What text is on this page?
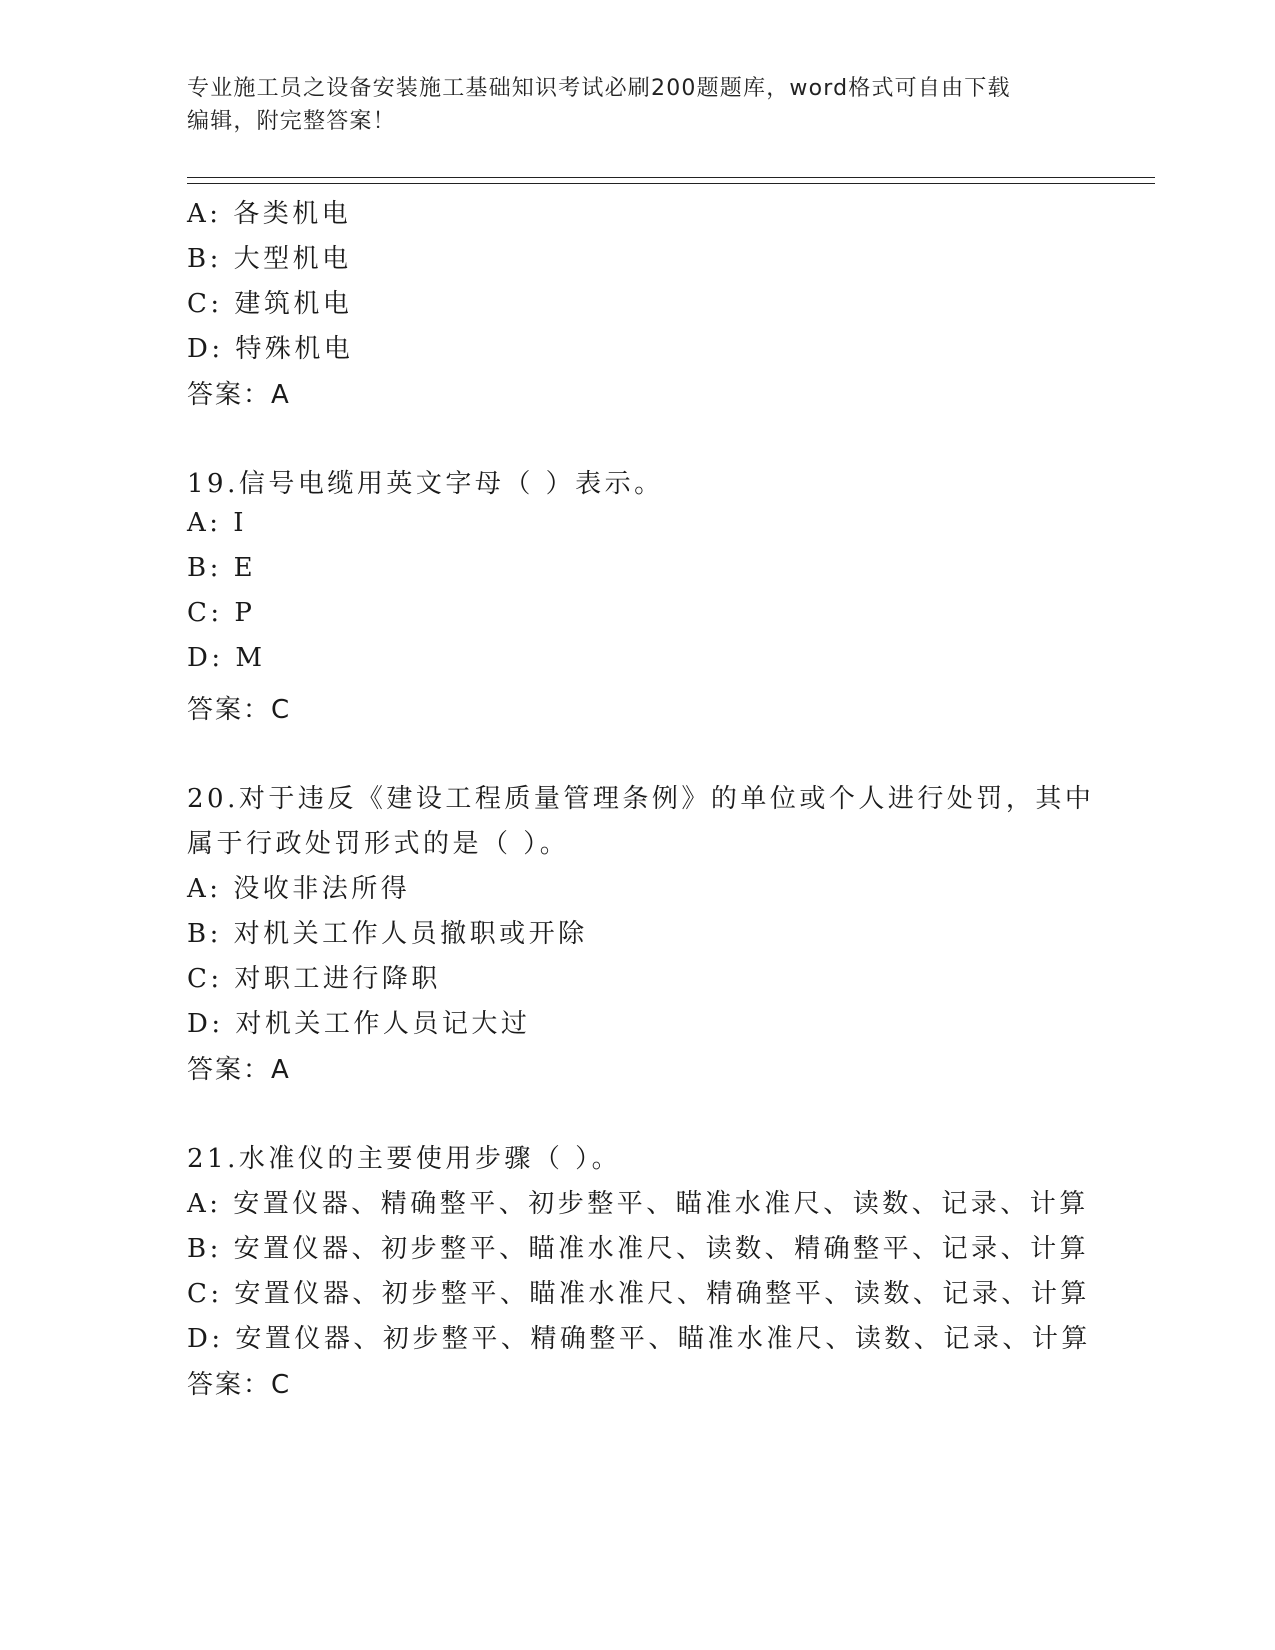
专业施工员之设备安装施工基础知识考试必刷200题题库，word格式可自由下载
编辑，附完整答案！
A: 各类机电
B: 大型机电
C: 建筑机电
D: 特殊机电
答案：A
19.信号电缆用英文字母（ ）表示。
A: I
B: E
C: P
D: M
答案：C
20.对于违反《建设工程质量管理条例》的单位或个人进行处罚，其中
属于行政处罚形式的是（ ）。
A: 没收非法所得
B: 对机关工作人员撤职或开除
C: 对职工进行降职
D: 对机关工作人员记大过
答案：A
21.水准仪的主要使用步骤（ ）。
A: 安置仪器、精确整平、初步整平、瞄准水准尺、读数、记录、计算
B: 安置仪器、初步整平、瞄准水准尺、读数、精确整平、记录、计算
C: 安置仪器、初步整平、瞄准水准尺、精确整平、读数、记录、计算
D: 安置仪器、初步整平、精确整平、瞄准水准尺、读数、记录、计算
答案：C
